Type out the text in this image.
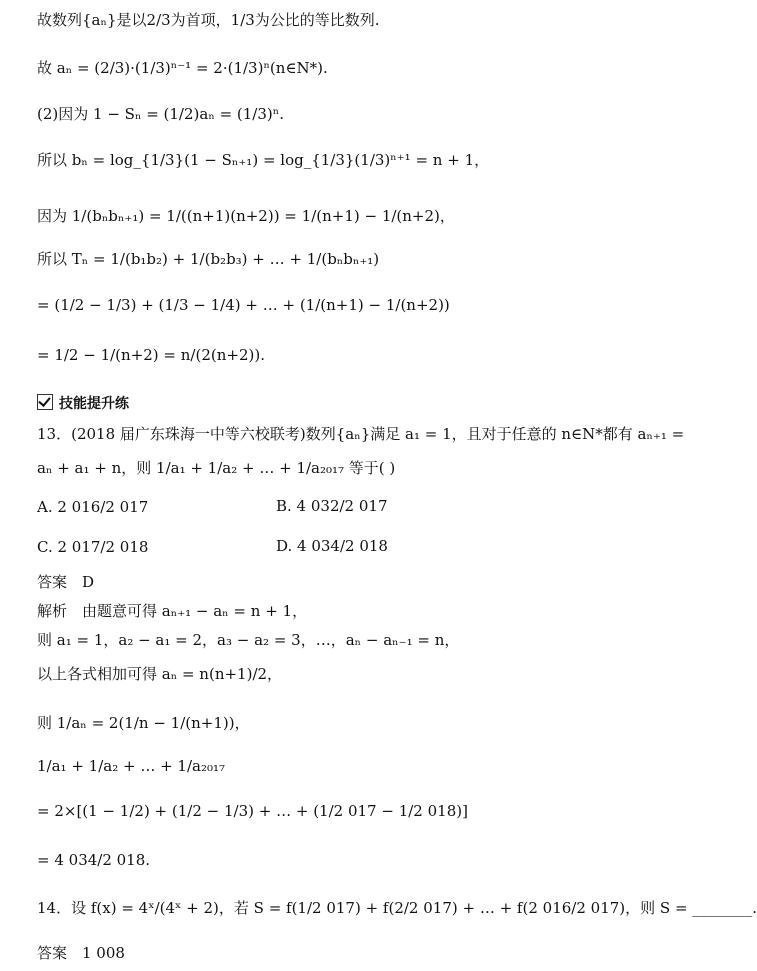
故数列{aₙ}是以2/3为首项，1/3为公比的等比数列.
故 aₙ = (2/3)·(1/3)ⁿ⁻¹ = 2·(1/3)ⁿ(n∈N*).
(2)因为 1 − Sₙ = (1/2)aₙ = (1/3)ⁿ.
所以 bₙ = log_{1/3}(1 − Sₙ₊₁) = log_{1/3}(1/3)ⁿ⁺¹ = n + 1，
因为 1/(bₙbₙ₊₁) = 1/((n+1)(n+2)) = 1/(n+1) − 1/(n+2)，
所以 Tₙ = 1/(b₁b₂) + 1/(b₂b₃) + … + 1/(bₙbₙ₊₁)
= (1/2 − 1/3) + (1/3 − 1/4) + … + (1/(n+1) − 1/(n+2))
= 1/2 − 1/(n+2) = n/(2(n+2)).
技能提升练
13．(2018 届广东珠海一中等六校联考)数列{aₙ}满足 a₁ = 1，且对于任意的 n∈N*都有 aₙ₊₁ =
aₙ + a₁ + n，则 1/a₁ + 1/a₂ + … + 1/a₂₀₁₇ 等于( )
A. 2 016/2 017	B. 4 032/2 017
C. 2 017/2 018	D. 4 034/2 018
答案　D
解析　由题意可得 aₙ₊₁ − aₙ = n + 1，
则 a₁ = 1，a₂ − a₁ = 2，a₃ − a₂ = 3，…，aₙ − aₙ₋₁ = n，
以上各式相加可得 aₙ = n(n+1)/2，
则 1/aₙ = 2(1/n − 1/(n+1))，
1/a₁ + 1/a₂ + … + 1/a₂₀₁₇
= 2×[(1 − 1/2) + (1/2 − 1/3) + … + (1/2 017 − 1/2 018)]
= 4 034/2 018.
14．设 f(x) = 4ˣ/(4ˣ + 2)，若 S = f(1/2 017) + f(2/2 017) + … + f(2 016/2 017)，则 S = ________.
答案　1 008
